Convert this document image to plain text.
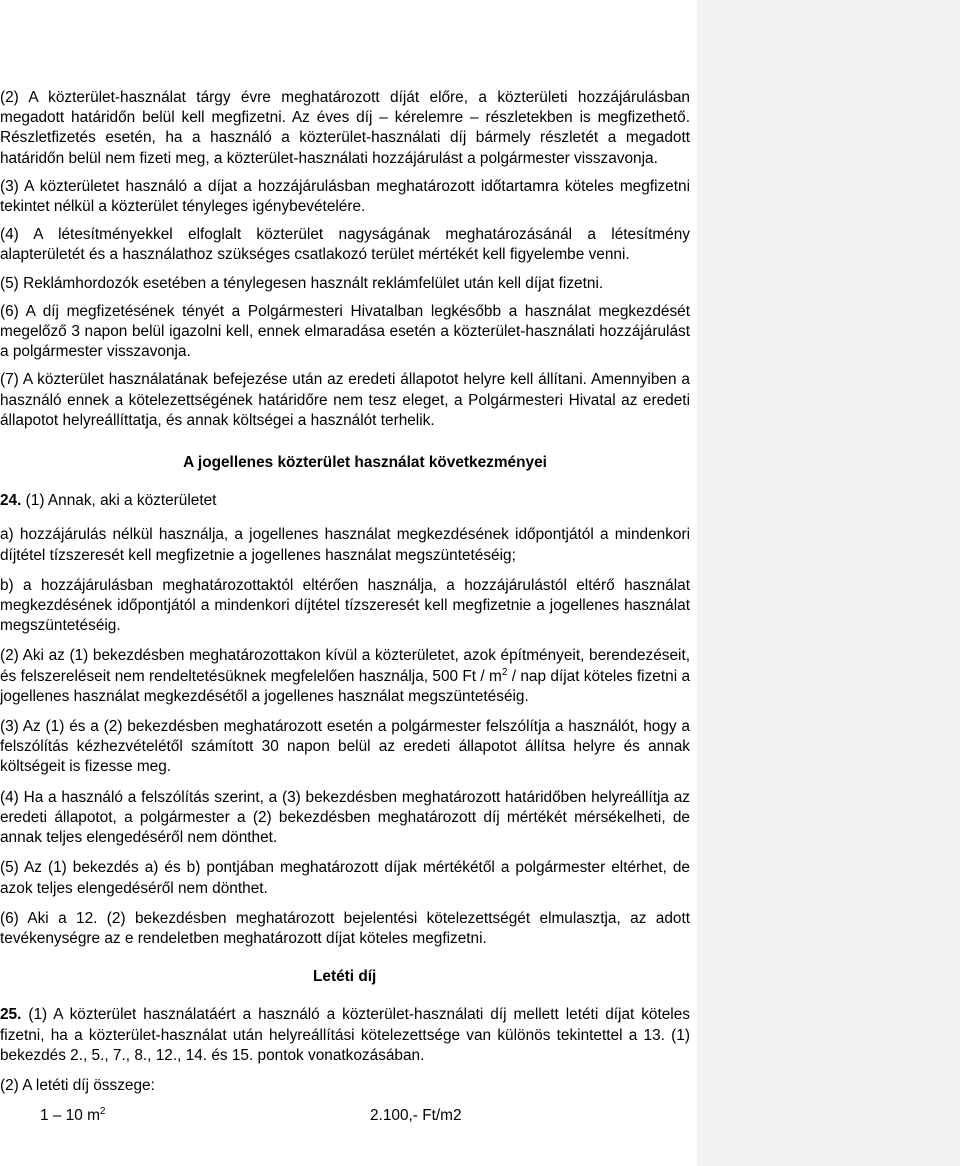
(2) A közterület-használat tárgy évre meghatározott díját előre, a közterületi hozzájárulásban megadott határidőn belül kell megfizetni. Az éves díj – kérelemre – részletekben is megfizethető. Részletfizetés esetén, ha a használó a közterület-használati díj bármely részletét a megadott határidőn belül nem fizeti meg, a közterület-használati hozzájárulást a polgármester visszavonja.

(3) A közterületet használó a díjat a hozzájárulásban meghatározott időtartamra köteles megfizetni tekintet nélkül a közterület tényleges igénybevételére.

(4) A létesítményekkel elfoglalt közterület nagyságának meghatározásánál a létesítmény alapterületét és a használathoz szükséges csatlakozó terület mértékét kell figyelembe venni.

(5) Reklámhordozók esetében a ténylegesen használt reklámfelület után kell díjat fizetni.

(6) A díj megfizetésének tényét a Polgármesteri Hivatalban legkésőbb a használat megkezdését megelőző 3 napon belül igazolni kell, ennek elmaradása esetén a közterület-használati hozzájárulást a polgármester visszavonja.

(7) A közterület használatának befejezése után az eredeti állapotot helyre kell állítani. Amennyiben a használó ennek a kötelezettségének határidőre nem tesz eleget, a Polgármesteri Hivatal az eredeti állapotot helyreállíttatja, és annak költségei a használót terhelik.

A jogellenes közterület használat következményei

24. (1) Annak, aki a közterületet

a) hozzájárulás nélkül használja, a jogellenes használat megkezdésének időpontjától a mindenkori díjtétel tízszeresét kell megfizetnie a jogellenes használat megszüntetéséig;

b) a hozzájárulásban meghatározottaktól eltérően használja, a hozzájárulástól eltérő használat megkezdésének időpontjától a mindenkori díjtétel tízszeresét kell megfizetnie a jogellenes használat megszüntetéséig.

(2) Aki az (1) bekezdésben meghatározottakon kívül a közterületet, azok építményeit, berendezéseit, és felszereléseit nem rendeltetésüknek megfelelően használja, 500 Ft / $m^2$ / nap díjat köteles fizetni a jogellenes használat megkezdésétől a jogellenes használat megszüntetéséig.

(3) Az (1) és a (2) bekezdésben meghatározott esetén a polgármester felszólítja a használót, hogy a felszólítás kézhezvételétől számított 30 napon belül az eredeti állapotot állítsa helyre és annak költségeit is fizesse meg.

(4) Ha a használó a felszólítás szerint, a (3) bekezdésben meghatározott határidőben helyreállítja az eredeti állapotot, a polgármester a (2) bekezdésben meghatározott díj mértékét mérsékelheti, de annak teljes elengedéséről nem dönthet.

(5) Az (1) bekezdés a) és b) pontjában meghatározott díjak mértékétől a polgármester eltérhet, de azok teljes elengedéséről nem dönthet.

(6) Aki a 12. (2) bekezdésben meghatározott bejelentési kötelezettségét elmulasztja, az adott tevékenységre az e rendeletben meghatározott díjat köteles megfizetni.

Letéti díj

25. (1) A közterület használatáért a használó a közterület-használati díj mellett letéti díjat köteles fizetni, ha a közterület-használat után helyreállítási kötelezettsége van különös tekintettel a 13. (1) bekezdés 2., 5., 7., 8., 12., 14. és 15. pontok vonatkozásában.

(2) A letéti díj összege:

1 – 10 $m^2$	2.100,- Ft/m2
